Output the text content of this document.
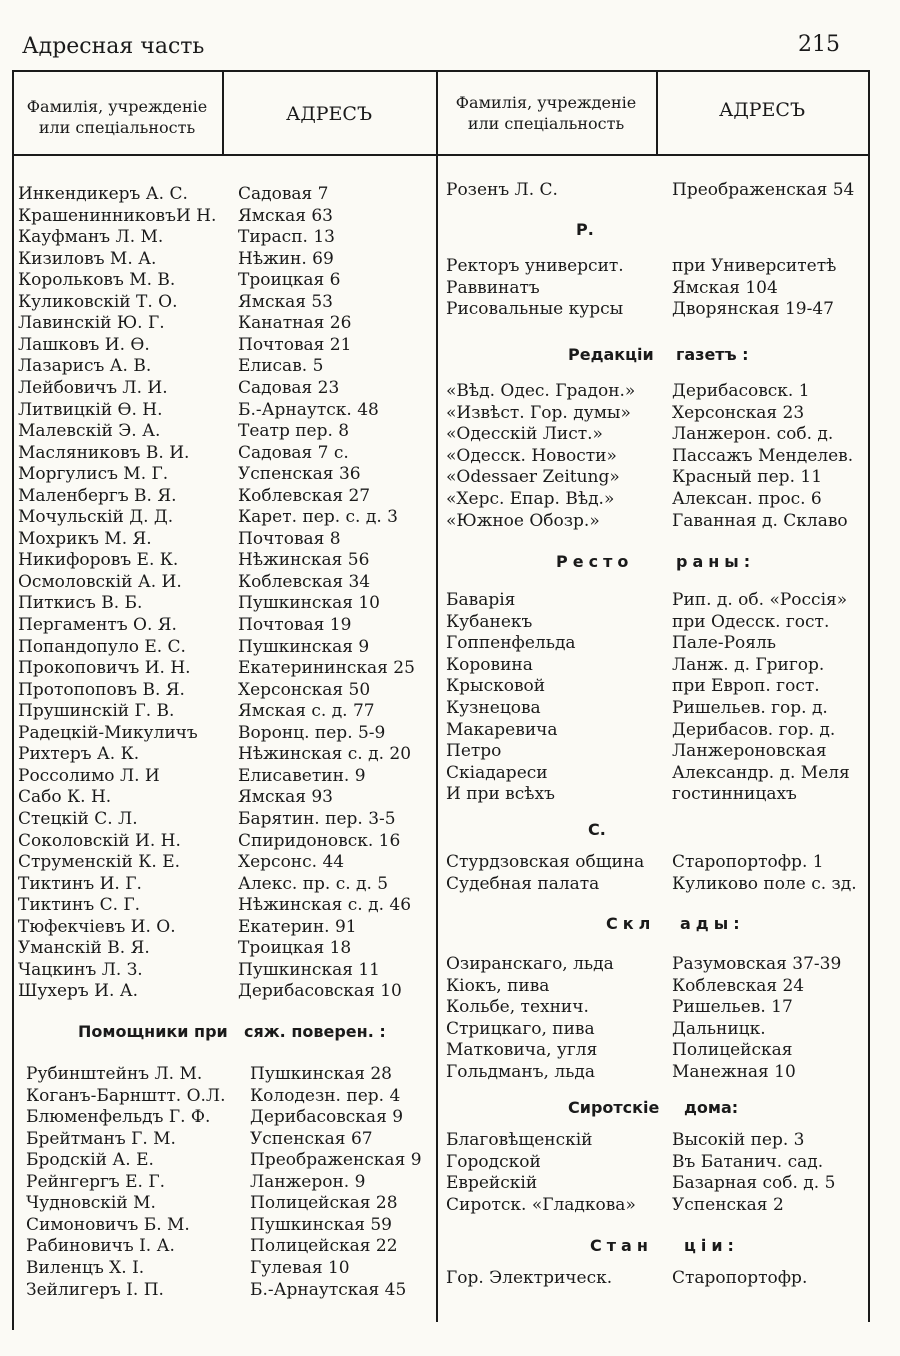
Адресная часть	215
Фамилія, учрежденіе
или спеціальность
АДРЕСЪ
Фамилія, учрежденіе
или спеціальность
АДРЕСЪ
Инкендикеръ А. С.
КрашенинниковъИ Н.
Кауфманъ Л. М.
Кизиловъ М. А.
Корольковъ М. В.
Куликовскій Т. О.
Лавинскій Ю. Г.
Лашковъ И. Ѳ.
Лазарисъ А. В.
Лейбовичъ Л. И.
Литвицкій Ѳ. Н.
Малевскій Э. А.
Масляниковъ В. И.
Моргулисъ М. Г.
Маленбергъ В. Я.
Мочульскій Д. Д.
Мохрикъ М. Я.
Никифоровъ Е. К.
Осмоловскій А. И.
Питкисъ В. Б.
Пергаментъ О. Я.
Попандопуло Е. С.
Прокоповичъ И. Н.
Протопоповъ В. Я.
Прушинскій Г. В.
Радецкій-Микуличъ
Рихтеръ А. К.
Россолимо Л. И
Сабо К. Н.
Стецкій С. Л.
Соколовскій И. Н.
Струменскій К. Е.
Тиктинъ И. Г.
Тиктинъ С. Г.
Тюфекчіевъ И. О.
Уманскій В. Я.
Чацкинъ Л. З.
Шухеръ И. А.
Садовая 7
Ямская 63
Тирасп. 13
Нѣжин. 69
Троицкая 6
Ямская 53
Канатная 26
Почтовая 21
Елисав. 5
Садовая 23
Б.-Арнаутск. 48
Театр пер. 8
Садовая 7 с.
Успенская 36
Коблевская 27
Карет. пер. с. д. 3
Почтовая 8
Нѣжинская 56
Коблевская 34
Пушкинская 10
Почтовая 19
Пушкинская 9
Екатерининская 25
Херсонская 50
Ямская с. д. 77
Воронц. пер. 5-9
Нѣжинская с. д. 20
Елисаветин. 9
Ямская 93
Барятин. пер. 3-5
Спиридоновск. 16
Херсонс. 44
Алекс. пр. с. д. 5
Нѣжинская с. д. 46
Екатерин. 91
Троицкая 18
Пушкинская 11
Дерибасовская 10
Помощники при сяж. поверен. :
Рубинштейнъ Л. М.
Коганъ-Барнштт. О.Л.
Блюменфельдъ Г. Ф.
Брейтманъ Г. М.
Бродскій А. Е.
Рейнгергъ Е. Г.
Чудновскій М.
Симоновичъ Б. М.
Рабиновичъ І. А.
Виленцъ Х. І.
Зейлигеръ І. П.
Пушкинская 28
Колодезн. пер. 4
Дерибасовская 9
Успенская 67
Преображенская 9
Ланжерон. 9
Полицейская 28
Пушкинская 59
Полицейская 22
Гулевая 10
Б.-Арнаутская 45
Розенъ Л. С.
Ректоръ университ.
Раввинатъ
Рисовальные курсы
«Вѣд. Одес. Градон.»
«Извѣст. Гор. думы»
«Одесскій Лист.»
«Одесск. Новости»
«Odessaer Zeitung»
«Херс. Епар. Вѣд.»
«Южное Обозр.»
Баварія
Кубанекъ
Гоппенфельда
Коровина
Крысковой
Кузнецова
Макаревича
Петро
Скіадареси
И при всѣхъ
Стурдзовская община
Судебная палата
Озиранскаго, льда
Кіокъ, пива
Кольбе, технич.
Стрицкаго, пива
Матковича, угля
Гольдманъ, льда
Благовѣщенскій
Городской
Еврейскій
Сиротск. «Гладкова»
Гор. Электрическ.
Преображенская 54
при Университетѣ
Ямская 104
Дворянская 19-47
Дерибасовск. 1
Херсонская 23
Ланжерон. соб. д.
Пассажъ Менделев.
Красный пер. 11
Алексан. прос. 6
Гаванная д. Склаво
Рип. д. об. «Россія»
при Одесск. гост.
Пале-Рояль
Ланж. д. Григор.
при Европ. гост.
Ришельев. гор. д.
Дерибасов. гор. д.
Ланжероновская
Александр. д. Меля
гостинницахъ
Старопортофр. 1
Куликово поле с. зд.
Разумовская 37-39
Коблевская 24
Ришельев. 17
Дальницк.
Полицейская
Манежная 10
Высокій пер. 3
Въ Батанич. сад.
Базарная соб. д. 5
Успенская 2
Старопортофр.
Р.
Редакціи газетъ :
Ресто	раны:
С.
Скл ады:
Сиротскіе дома:
Стан ціи:
